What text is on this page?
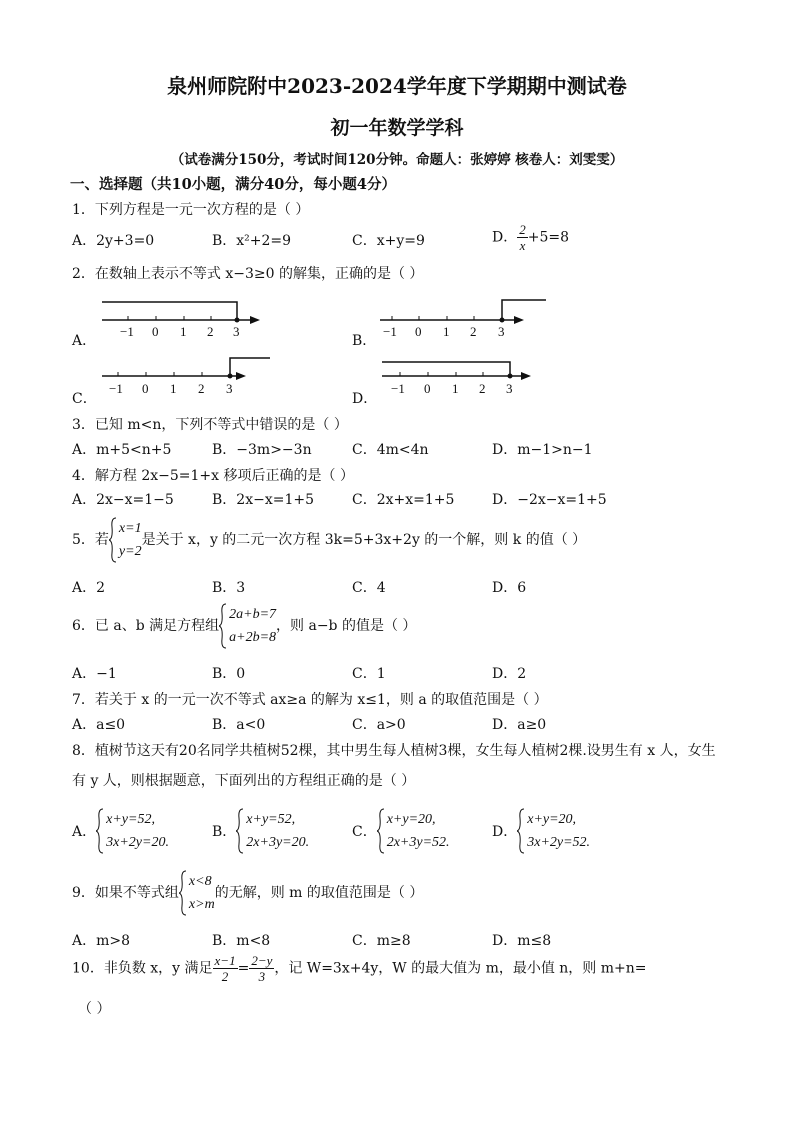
泉州师院附中2023-2024学年度下学期期中测试卷
初一年数学学科
（试卷满分150分，考试时间120分钟。命题人：张婷婷 核卷人：刘雯雯）
一、选择题（共10小题，满分40分，每小题4分）
1．下列方程是一元一次方程的是（ ）
A．2y+3=0	B．x²+2=9	C．x+y=9	D． $\frac{2}{x} +5=8$
2．在数轴上表示不等式 x−3≥0 的解集，正确的是（ ）
A．	B．
C．	D．
−1 0 1 2 3	−1 0 1 2 3
−1 0 1 2 3	−1 0 1 2 3
3．已知 m<n，下列不等式中错误的是（ ）
A．m+5<n+5	B．−3m>−3n	C．4m<4n	D．m−1>n−1
4．解方程 2x−5=1+x 移项后正确的是（ ）
A．2x−x=1−5	B．2x−x=1+5	C．2x+x=1+5	D．−2x−x=1+5
5．若
x=1
y=2
是关于 x，y 的二元一次方程 3k=5+3x+2y 的一个解，则 k 的值（ ）
A．2	B．3	C．4	D．6
6．已 a、b 满足方程组
2a+b=7
a+2b=8
，则 a−b 的值是（ ）
A．−1	B．0	C．1	D．2
7．若关于 x 的一元一次不等式 ax≥a 的解为 x≤1，则 a 的取值范围是（ ）
A．a≤0	B．a<0	C．a>0	D．a≥0
8．植树节这天有20名同学共植树52棵，其中男生每人植树3棵，女生每人植树2棵.设男生有 x 人，女生
有 y 人，则根据题意，下面列出的方程组正确的是（ ）
A．
x+y=52,
3x+2y=20.
B．
x+y=52,
2x+3y=20.
C．
x+y=20,
2x+3y=52.
D．
x+y=20,
3x+2y=52.
9．如果不等式组
x<8
x>m
的无解，则 m 的取值范围是（ ）
A．m>8	B．m<8	C．m≥8	D．m≤8
10．非负数 x，y 满足 $\frac{x-1}{2} = \frac{2-y}{3}$ ，记 W=3x+4y，W 的最大值为 m，最小值 n，则 m+n=
（ ）
